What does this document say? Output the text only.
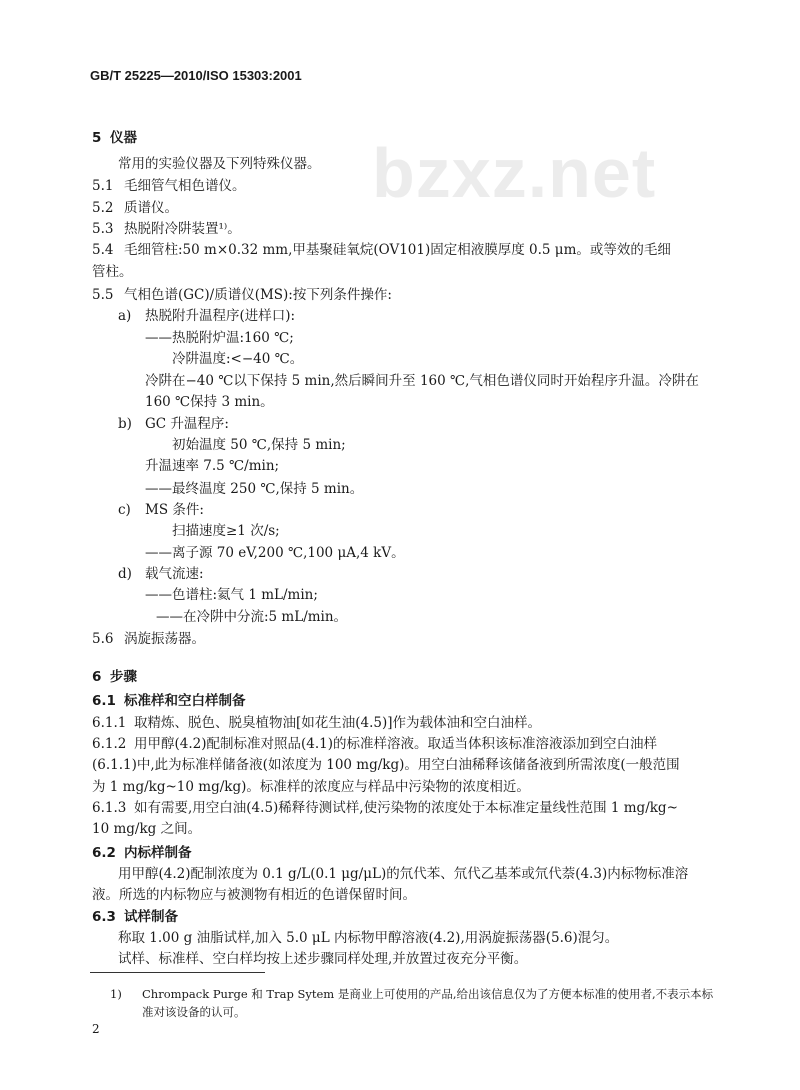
GB/T 25225—2010/ISO 15303:2001
bzxz.net
5 仪器
常用的实验仪器及下列特殊仪器。
5.1 毛细管气相色谱仪。
5.2 质谱仪。
5.3 热脱附冷阱装置¹⁾。
5.4 毛细管柱:50 m×0.32 mm,甲基聚硅氧烷(OV101)固定相液膜厚度 0.5 μm。或等效的毛细
管柱。
5.5 气相色谱(GC)/质谱仪(MS):按下列条件操作:
a) 热脱附升温程序(进样口):
——热脱附炉温:160 ℃;
冷阱温度:<−40 ℃。
冷阱在−40 ℃以下保持 5 min,然后瞬间升至 160 ℃,气相色谱仪同时开始程序升温。冷阱在
160 ℃保持 3 min。
b) GC 升温程序:
初始温度 50 ℃,保持 5 min;
升温速率 7.5 ℃/min;
——最终温度 250 ℃,保持 5 min。
c) MS 条件:
扫描速度≥1 次/s;
——离子源 70 eV,200 ℃,100 μA,4 kV。
d) 载气流速:
——色谱柱:氦气 1 mL/min;
——在冷阱中分流:5 mL/min。
5.6 涡旋振荡器。
6 步骤
6.1 标准样和空白样制备
6.1.1 取精炼、脱色、脱臭植物油[如花生油(4.5)]作为载体油和空白油样。
6.1.2 用甲醇(4.2)配制标准对照品(4.1)的标准样溶液。取适当体积该标准溶液添加到空白油样
(6.1.1)中,此为标准样储备液(如浓度为 100 mg/kg)。用空白油稀释该储备液到所需浓度(一般范围
为 1 mg/kg~10 mg/kg)。标准样的浓度应与样品中污染物的浓度相近。
6.1.3 如有需要,用空白油(4.5)稀释待测试样,使污染物的浓度处于本标准定量线性范围 1 mg/kg~
10 mg/kg 之间。
6.2 内标样制备
用甲醇(4.2)配制浓度为 0.1 g/L(0.1 μg/μL)的氘代苯、氘代乙基苯或氘代萘(4.3)内标物标准溶
液。所选的内标物应与被测物有相近的色谱保留时间。
6.3 试样制备
称取 1.00 g 油脂试样,加入 5.0 μL 内标物甲醇溶液(4.2),用涡旋振荡器(5.6)混匀。
试样、标准样、空白样均按上述步骤同样处理,并放置过夜充分平衡。
1) Chrompack Purge 和 Trap Sytem 是商业上可使用的产品,给出该信息仅为了方便本标准的使用者,不表示本标
准对该设备的认可。
2
